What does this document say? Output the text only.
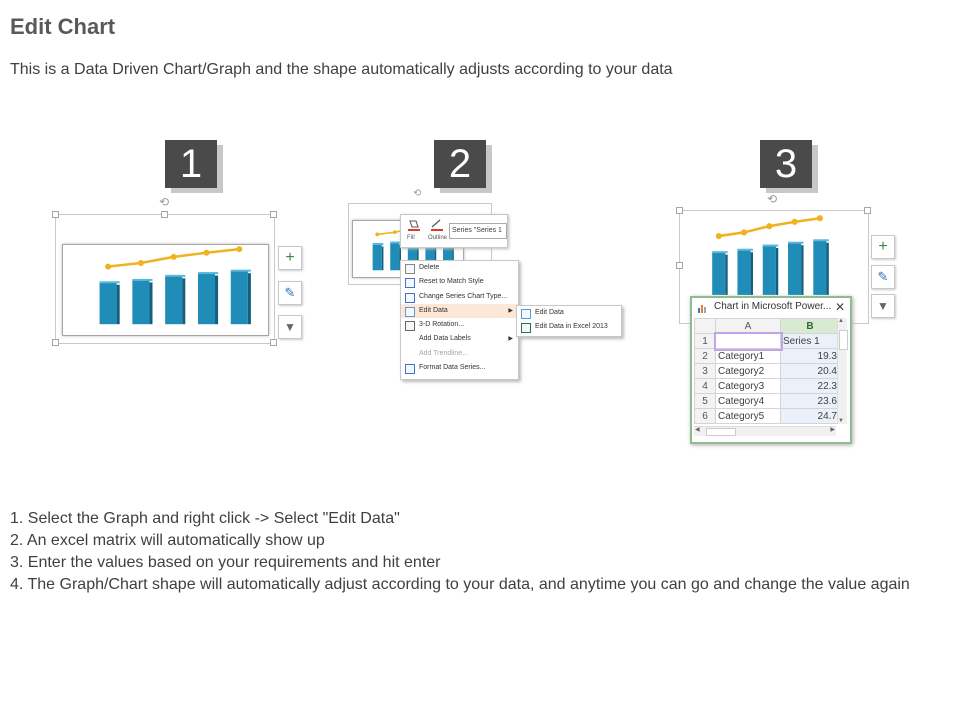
Edit Chart
This is a Data Driven Chart/Graph and the shape automatically adjusts according to your data
1	2	3
⟲
+
✎
▼
⟲
Fill Outline
Series "Series 1
Delete
Reset to Match Style
Change Series Chart Type...
Edit Data	▶
3-D Rotation...
Add Data Labels	▶
Add Trendline...
Format Data Series...
Edit Data
Edit Data in Excel 2013
⟲
+
✎
▼
Chart in Microsoft Power... ✕
	A	B
1		Series 1
2	Category1	19.3
3	Category2	20.4
4	Category3	22.3
5	Category4	23.6
6	Category5	24.7
▲
▼
◀	▶
1. Select the Graph and right click -> Select "Edit Data"
2. An excel matrix will automatically show up
3. Enter the values based on your requirements and hit enter
4. The Graph/Chart shape will automatically adjust according to your data, and anytime you can go and change the value again
